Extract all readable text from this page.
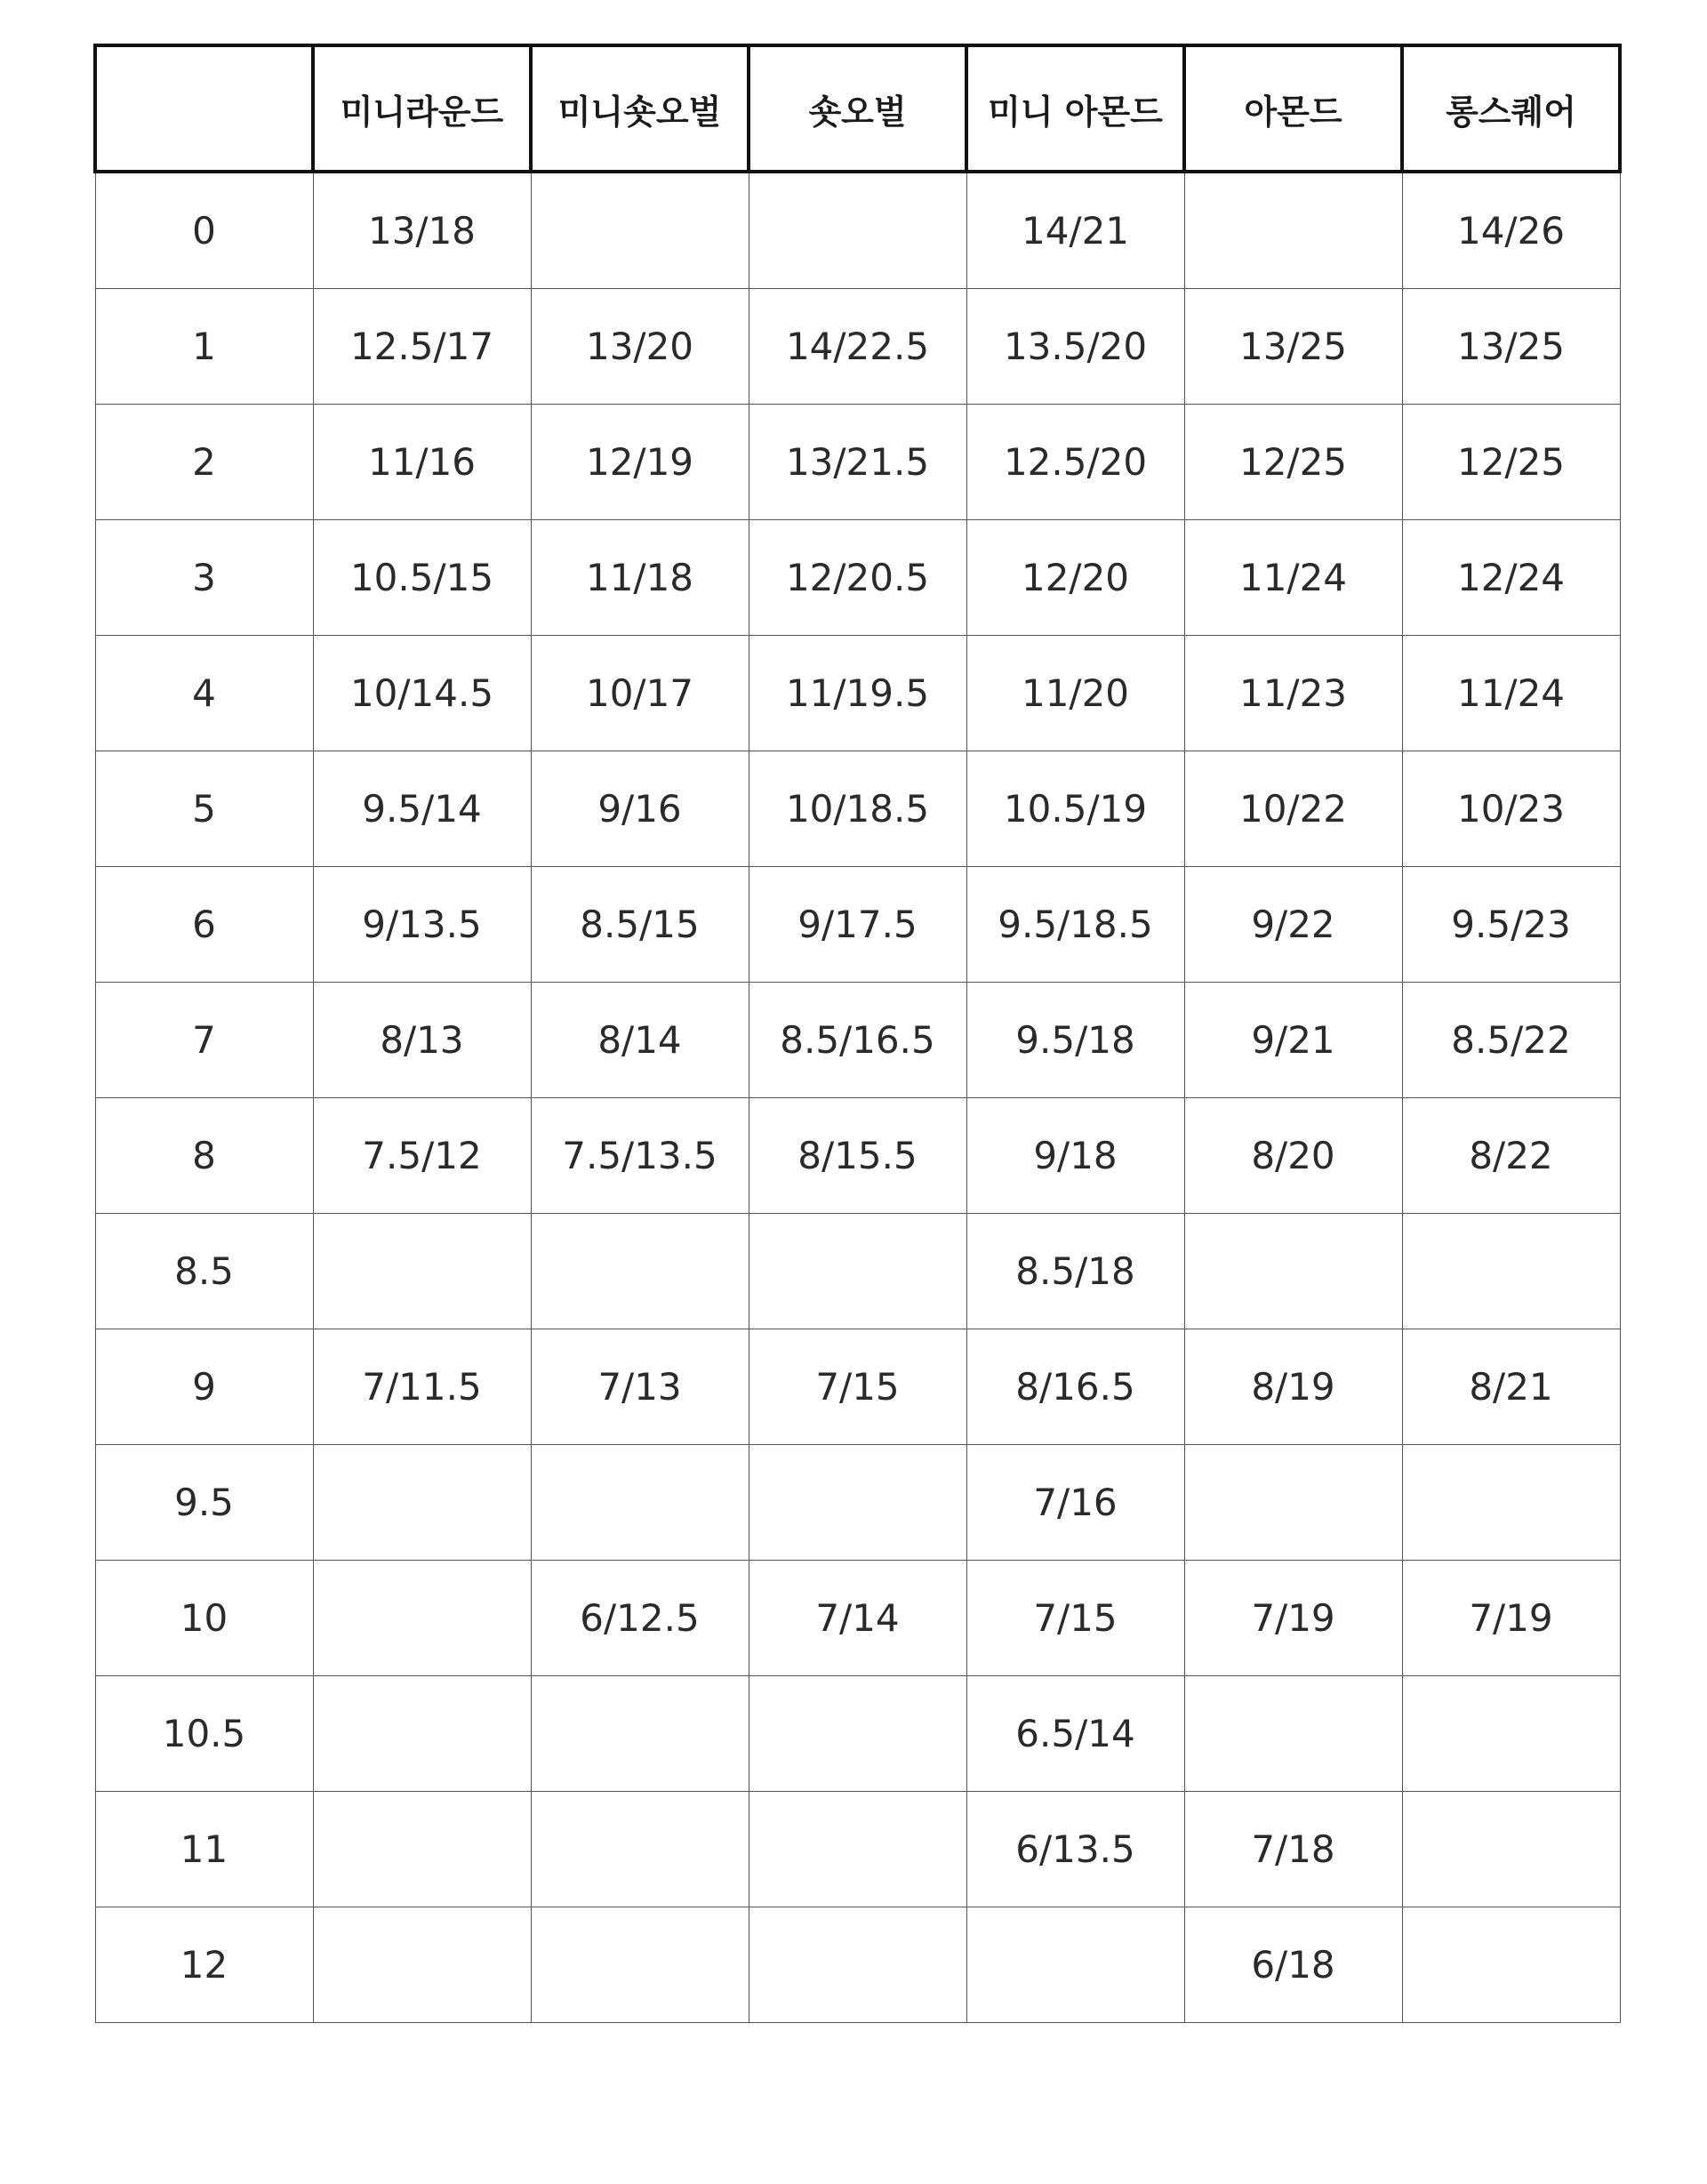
	미니라운드	미니숏오벌	숏오벌	미니 아몬드	아몬드	롱스퀘어
0	13/18			14/21		14/26
1	12.5/17	13/20	14/22.5	13.5/20	13/25	13/25
2	11/16	12/19	13/21.5	12.5/20	12/25	12/25
3	10.5/15	11/18	12/20.5	12/20	11/24	12/24
4	10/14.5	10/17	11/19.5	11/20	11/23	11/24
5	9.5/14	9/16	10/18.5	10.5/19	10/22	10/23
6	9/13.5	8.5/15	9/17.5	9.5/18.5	9/22	9.5/23
7	8/13	8/14	8.5/16.5	9.5/18	9/21	8.5/22
8	7.5/12	7.5/13.5	8/15.5	9/18	8/20	8/22
8.5				8.5/18		
9	7/11.5	7/13	7/15	8/16.5	8/19	8/21
9.5				7/16		
10		6/12.5	7/14	7/15	7/19	7/19
10.5				6.5/14		
11				6/13.5	7/18	
12					6/18	
